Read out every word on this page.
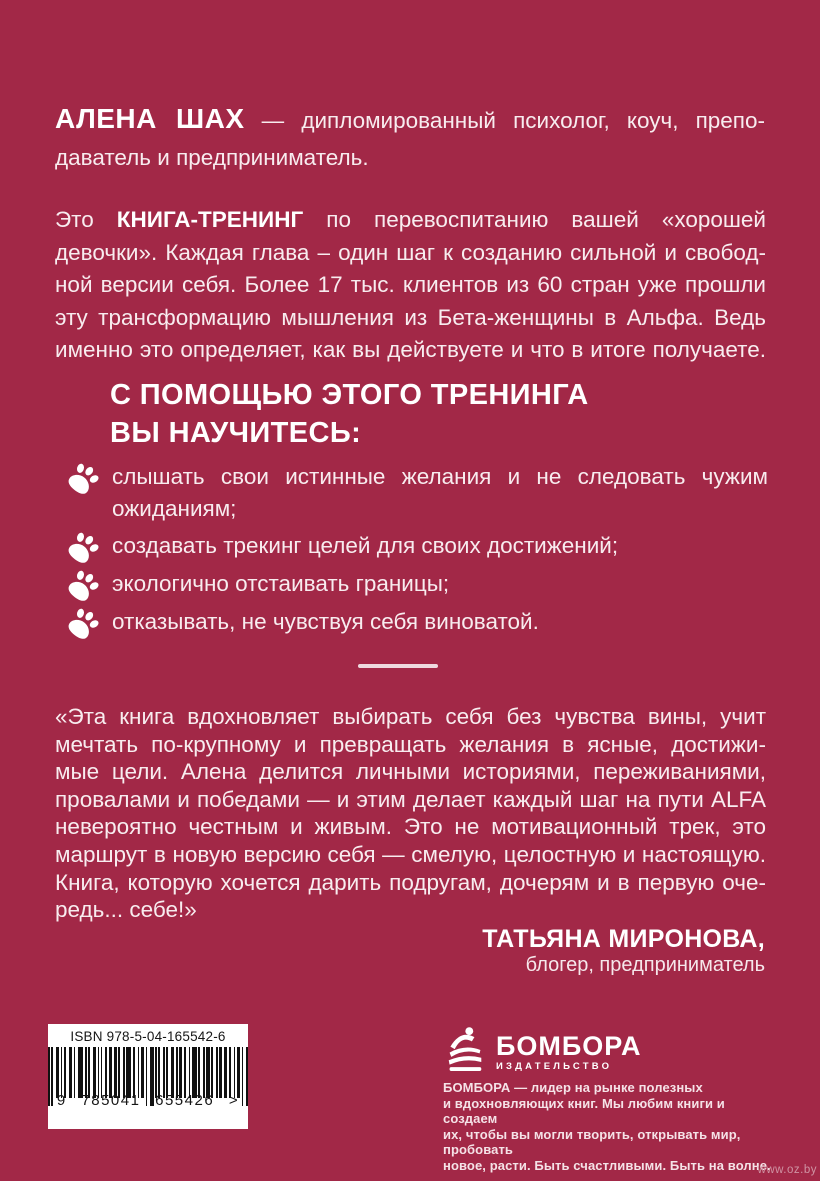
АЛЕНА ШАХ — дипломированный психолог, коуч, препо-
даватель и предприниматель.
Это КНИГА-ТРЕНИНГ по перевоспитанию вашей «хорошей
девочки». Каждая глава – один шаг к созданию сильной и свобод-
ной версии себя. Более 17 тыс. клиентов из 60 стран уже прошли
эту трансформацию мышления из Бета-женщины в Альфа. Ведь
именно это определяет, как вы действуете и что в итоге получаете.
С ПОМОЩЬЮ ЭТОГО ТРЕНИНГА
ВЫ НАУЧИТЕСЬ:
слышать свои истинные желания и не следовать чужим
ожиданиям;
создавать трекинг целей для своих достижений;
экологично отстаивать границы;
отказывать, не чувствуя себя виноватой.
«Эта книга вдохновляет выбирать себя без чувства вины, учит
мечтать по-крупному и превращать желания в ясные, достижи-
мые цели. Алена делится личными историями, переживаниями,
провалами и победами — и этим делает каждый шаг на пути ALFA
невероятно честным и живым. Это не мотивационный трек, это
маршрут в новую версию себя — смелую, целостную и настоящую.
Книга, которую хочется дарить подругам, дочерям и в первую оче-
редь... себе!»
ТАТЬЯНА МИРОНОВА,
блогер, предприниматель
ISBN 978-5-04-165542-6
9 785041 655426 >
БОМБОРА
ИЗДАТЕЛЬСТВО
БОМБОРА — лидер на рынке полезных
и вдохновляющих книг. Мы любим книги и создаем
их, чтобы вы могли творить, открывать мир, пробовать
новое, расти. Быть счастливыми. Быть на волне.
www.oz.by
